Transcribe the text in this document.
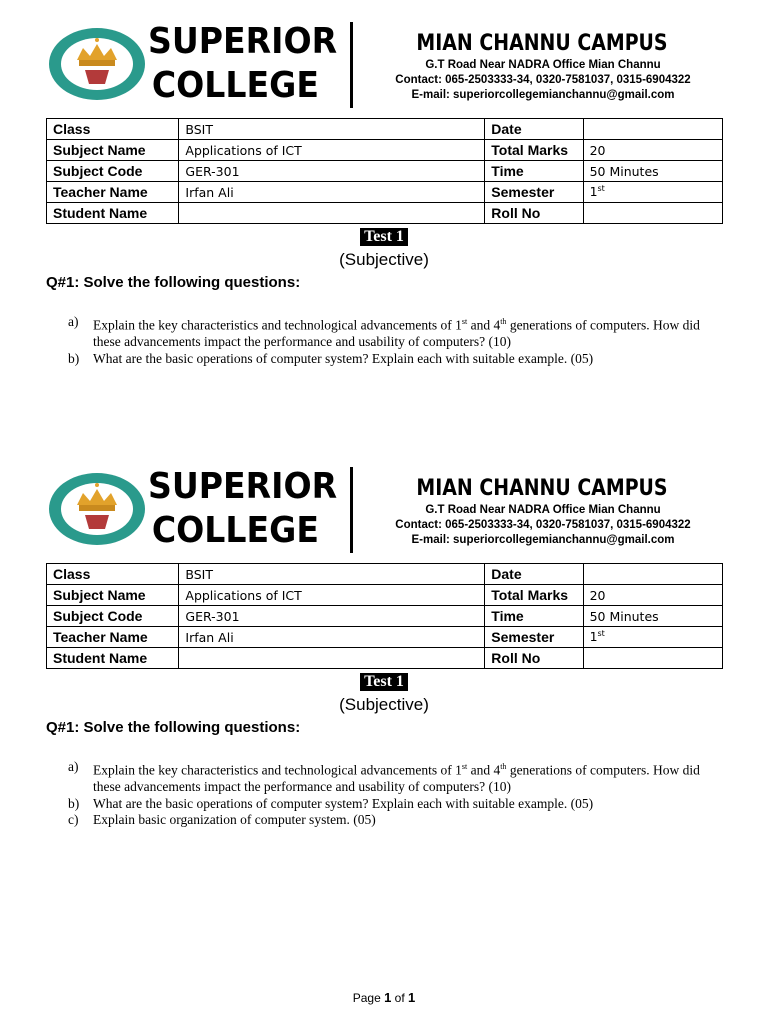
SUPERIOR
COLLEGE
MIAN CHANNU CAMPUS
G.T Road Near NADRA Office Mian Channu
Contact: 065-2503333-34, 0320-7581037, 0315-6904322
E-mail: superiorcollegemianchannu@gmail.com
Class	BSIT	Date	
Subject Name	Applications of ICT	Total Marks	20
Subject Code	GER-301	Time	50 Minutes
Teacher Name	Irfan Ali	Semester	1st
Student Name		Roll No	
Test 1
(Subjective)
Q#1: Solve the following questions:
a) Explain the key characteristics and technological advancements of 1st and 4th generations of computers. How did these advancements impact the performance and usability of computers? (10)
b) What are the basic operations of computer system? Explain each with suitable example. (05)
SUPERIOR
COLLEGE
MIAN CHANNU CAMPUS
G.T Road Near NADRA Office Mian Channu
Contact: 065-2503333-34, 0320-7581037, 0315-6904322
E-mail: superiorcollegemianchannu@gmail.com
Class	BSIT	Date	
Subject Name	Applications of ICT	Total Marks	20
Subject Code	GER-301	Time	50 Minutes
Teacher Name	Irfan Ali	Semester	1st
Student Name		Roll No	
Test 1
(Subjective)
Q#1: Solve the following questions:
a) Explain the key characteristics and technological advancements of 1st and 4th generations of computers. How did these advancements impact the performance and usability of computers? (10)
b) What are the basic operations of computer system? Explain each with suitable example. (05)
c) Explain basic organization of computer system. (05)
Page 1 of 1
